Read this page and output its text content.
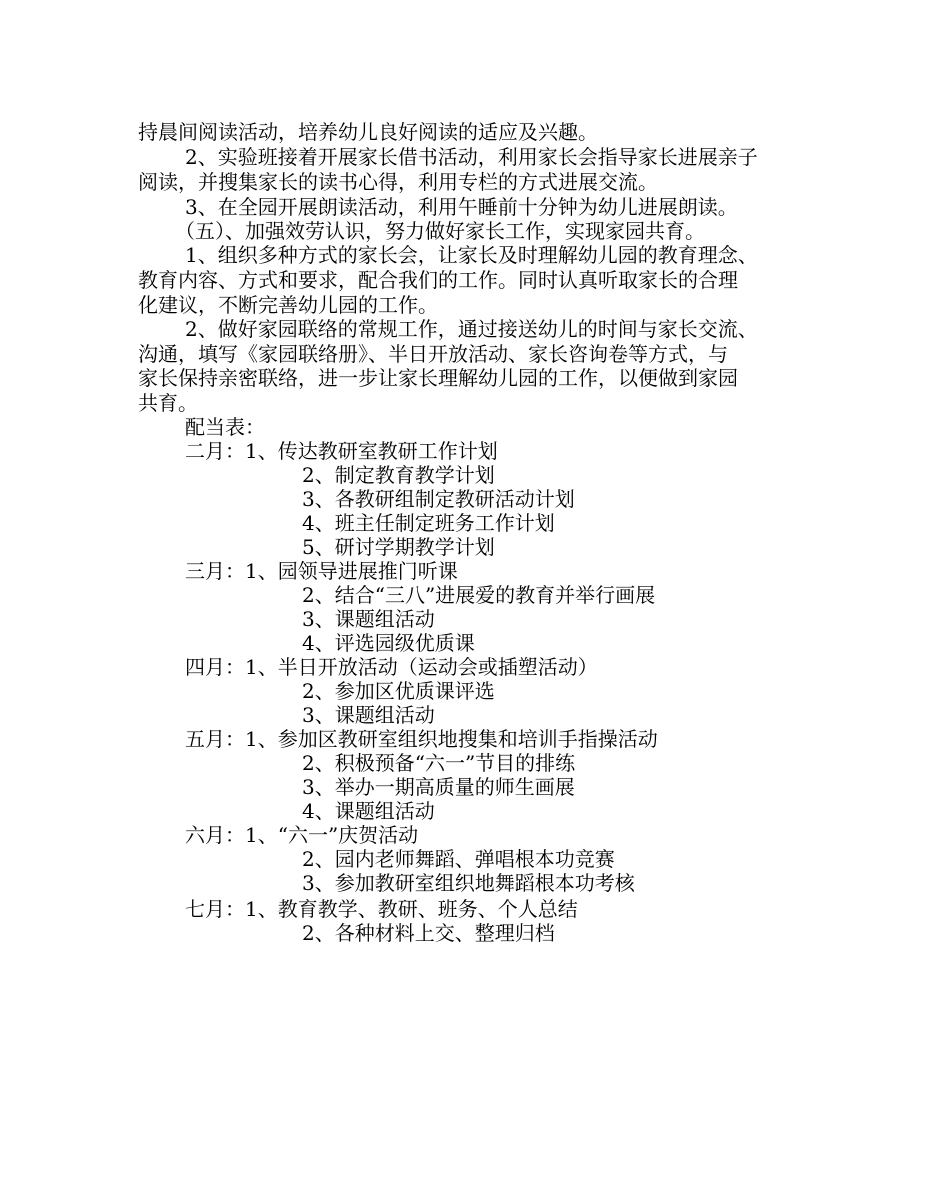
持晨间阅读活动，培养幼儿良好阅读的适应及兴趣。
2、实验班接着开展家长借书活动，利用家长会指导家长进展亲子
阅读，并搜集家长的读书心得，利用专栏的方式进展交流。
3、在全园开展朗读活动，利用午睡前十分钟为幼儿进展朗读。
（五）、加强效劳认识，努力做好家长工作，实现家园共育。
1、组织多种方式的家长会，让家长及时理解幼儿园的教育理念、
教育内容、方式和要求，配合我们的工作。同时认真听取家长的合理
化建议，不断完善幼儿园的工作。
2、做好家园联络的常规工作，通过接送幼儿的时间与家长交流、
沟通，填写《家园联络册》、半日开放活动、家长咨询卷等方式，与
家长保持亲密联络，进一步让家长理解幼儿园的工作，以便做到家园
共育。
配当表：
二月：1、传达教研室教研工作计划
2、制定教育教学计划
3、各教研组制定教研活动计划
4、班主任制定班务工作计划
5、研讨学期教学计划
三月：1、园领导进展推门听课
2、结合“三八”进展爱的教育并举行画展
3、课题组活动
4、评选园级优质课
四月：1、半日开放活动（运动会或插塑活动）
2、参加区优质课评选
3、课题组活动
五月：1、参加区教研室组织地搜集和培训手指操活动
2、积极预备“六一”节目的排练
3、举办一期高质量的师生画展
4、课题组活动
六月：1、“六一”庆贺活动
2、园内老师舞蹈、弹唱根本功竞赛
3、参加教研室组织地舞蹈根本功考核
七月：1、教育教学、教研、班务、个人总结
2、各种材料上交、整理归档
